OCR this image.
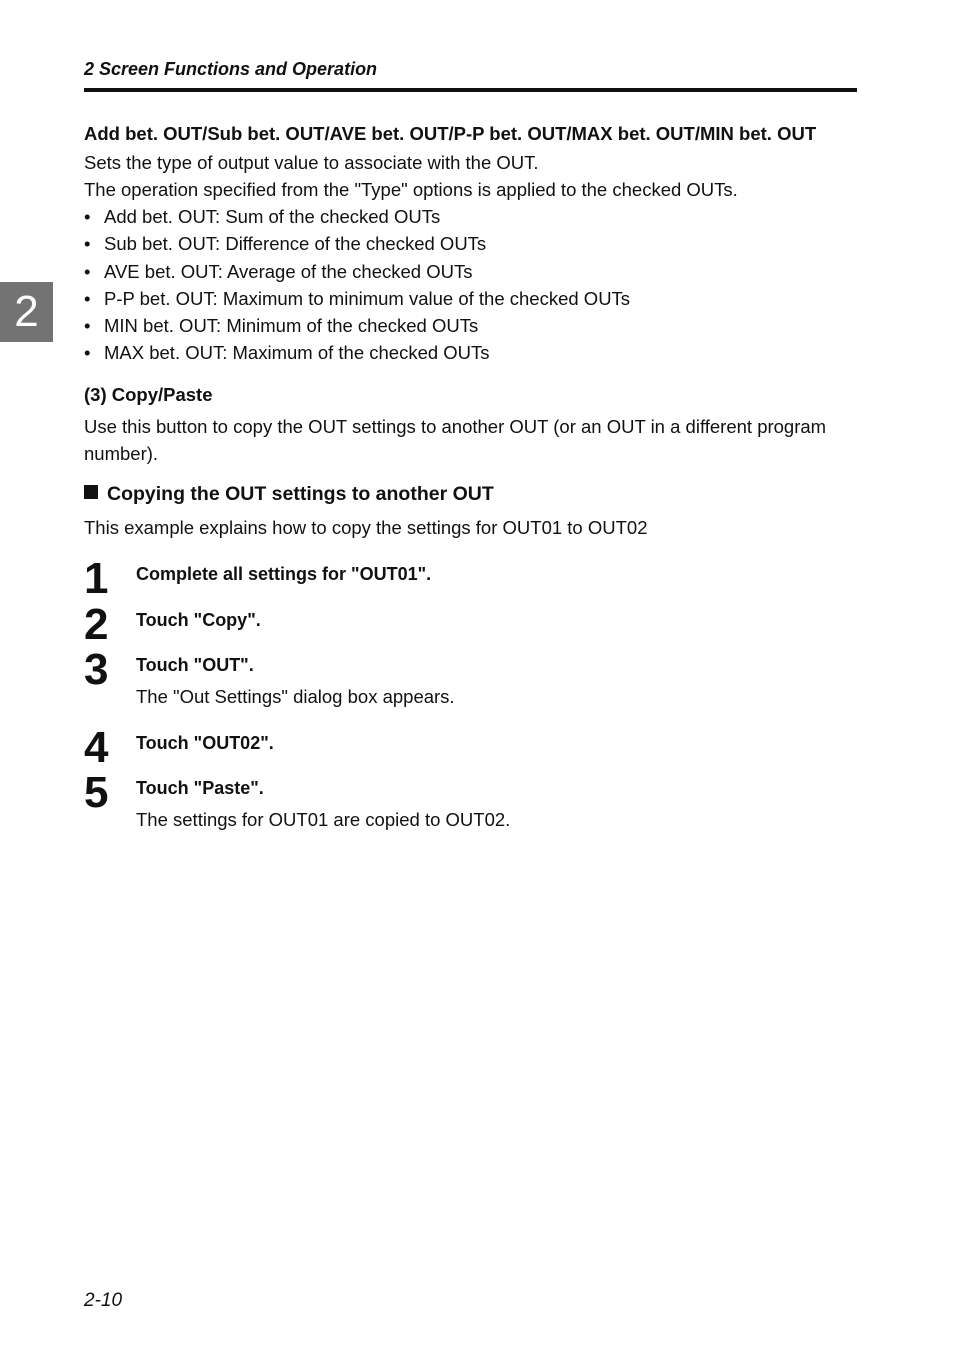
2 Screen Functions and Operation
2

Add bet. OUT/Sub bet. OUT/AVE bet. OUT/P-P bet. OUT/MAX bet. OUT/MIN bet. OUT

Sets the type of output value to associate with the OUT.

The operation specified from the "Type" options is applied to the checked OUTs.

• Add bet. OUT: Sum of the checked OUTs
• Sub bet. OUT: Difference of the checked OUTs
• AVE bet. OUT: Average of the checked OUTs
• P-P bet. OUT: Maximum to minimum value of the checked OUTs
• MIN bet. OUT: Minimum of the checked OUTs
• MAX bet. OUT: Maximum of the checked OUTs

(3) Copy/Paste

Use this button to copy the OUT settings to another OUT (or an OUT in a different program

number).

Copying the OUT settings to another OUT

This example explains how to copy the settings for OUT01 to OUT02

1 Complete all settings for "OUT01".
2 Touch "Copy".
3 Touch "OUT".
The "Out Settings" dialog box appears.
4 Touch "OUT02".
5 Touch "Paste".
The settings for OUT01 are copied to OUT02.
2-10
